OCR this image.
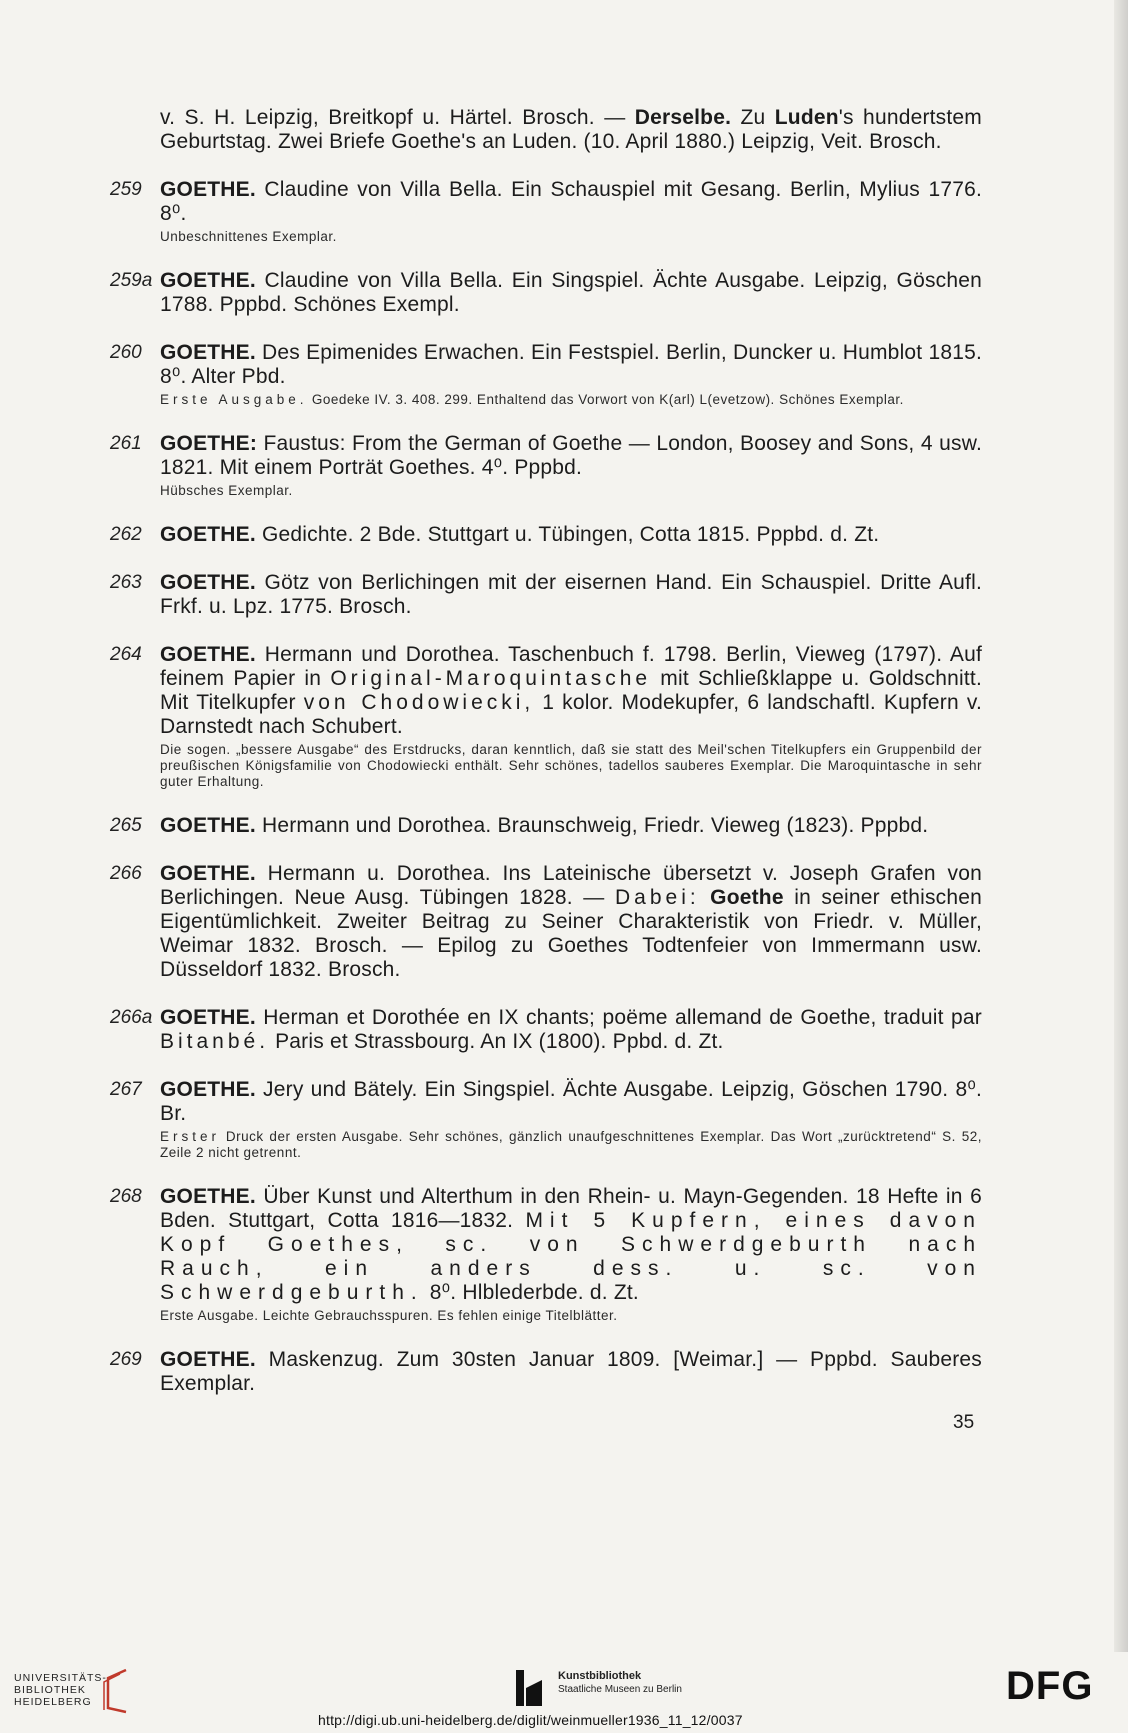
v. S. H. Leipzig, Breitkopf u. Härtel. Brosch. — Derselbe. Zu Luden's hundertstem Geburtstag. Zwei Briefe Goethe's an Luden. (10. April 1880.) Leipzig, Veit. Brosch.
259 GOETHE. Claudine von Villa Bella. Ein Schauspiel mit Gesang. Berlin, Mylius 1776. 8⁰.
Unbeschnittenes Exemplar.
259a GOETHE. Claudine von Villa Bella. Ein Singspiel. Ächte Ausgabe. Leipzig, Göschen 1788. Pppbd. Schönes Exempl.
260 GOETHE. Des Epimenides Erwachen. Ein Festspiel. Berlin, Duncker u. Humblot 1815. 8⁰. Alter Pbd.
Erste Ausgabe. Goedeke IV. 3. 408. 299. Enthaltend das Vorwort von K(arl) L(evetzow). Schönes Exemplar.
261 GOETHE: Faustus: From the German of Goethe — London, Boosey and Sons, 4 usw. 1821. Mit einem Porträt Goethes. 4⁰. Pppbd.
Hübsches Exemplar.
262 GOETHE. Gedichte. 2 Bde. Stuttgart u. Tübingen, Cotta 1815. Pppbd. d. Zt.
263 GOETHE. Götz von Berlichingen mit der eisernen Hand. Ein Schauspiel. Dritte Aufl. Frkf. u. Lpz. 1775. Brosch.
264 GOETHE. Hermann und Dorothea. Taschenbuch f. 1798. Berlin, Vieweg (1797). Auf feinem Papier in Original-Maroquintasche mit Schließklappe u. Goldschnitt. Mit Titelkupfer von Chodowiecki, 1 kolor. Modekupfer, 6 landschaftl. Kupfern v. Darnstedt nach Schubert.
Die sogen. „bessere Ausgabe“ des Erstdrucks, daran kenntlich, daß sie statt des Meil'schen Titelkupfers ein Gruppenbild der preußischen Königsfamilie von Chodowiecki enthält. Sehr schönes, tadellos sauberes Exemplar. Die Maroquintasche in sehr guter Erhaltung.
265 GOETHE. Hermann und Dorothea. Braunschweig, Friedr. Vieweg (1823). Pppbd.
266 GOETHE. Hermann u. Dorothea. Ins Lateinische übersetzt v. Joseph Grafen von Berlichingen. Neue Ausg. Tübingen 1828. — Dabei: Goethe in seiner ethischen Eigentümlichkeit. Zweiter Beitrag zu Seiner Charakteristik von Friedr. v. Müller, Weimar 1832. Brosch. — Epilog zu Goethes Todtenfeier von Immermann usw. Düsseldorf 1832. Brosch.
266a GOETHE. Herman et Dorothée en IX chants; poëme allemand de Goethe, traduit par Bitanbé. Paris et Strassbourg. An IX (1800). Ppbd. d. Zt.
267 GOETHE. Jery und Bätely. Ein Singspiel. Ächte Ausgabe. Leipzig, Göschen 1790. 8⁰. Br.
Erster Druck der ersten Ausgabe. Sehr schönes, gänzlich unaufgeschnittenes Exemplar. Das Wort „zurücktretend“ S. 52, Zeile 2 nicht getrennt.
268 GOETHE. Über Kunst und Alterthum in den Rhein- u. Mayn-Gegenden. 18 Hefte in 6 Bden. Stuttgart, Cotta 1816—1832. Mit 5 Kupfern, eines davon Kopf Goethes, sc. von Schwerdgeburth nach Rauch, ein anders dess. u. sc. von Schwerdgeburth. 8⁰. Hlblederbde. d. Zt.
Erste Ausgabe. Leichte Gebrauchsspuren. Es fehlen einige Titelblätter.
269 GOETHE. Maskenzug. Zum 30sten Januar 1809. [Weimar.] — Pppbd. Sauberes Exemplar.
35
UNIVERSITÄTS-
BIBLIOTHEK
HEIDELBERG
Kunstbibliothek
Staatliche Museen zu Berlin	DFG
http://digi.ub.uni-heidelberg.de/diglit/weinmueller1936_11_12/0037
